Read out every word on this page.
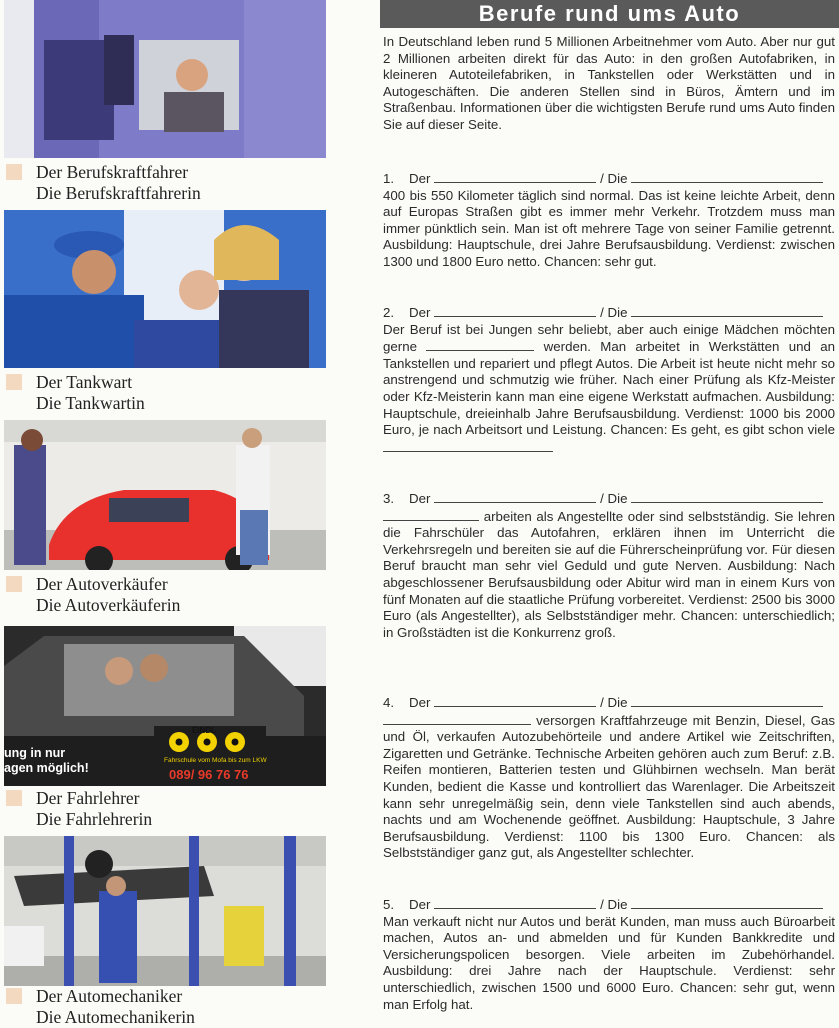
Der Berufskraftfahrer
Die Berufskraftfahrerin
Der Tankwart
Die Tankwartin
Der Autoverkäufer
Die Autoverkäuferin
ung in nur
agen möglich!
EINDL
Fahrschule vom Mofa bis zum LKW
089/ 96 76 76
Der Fahrlehrer
Die Fahrlehrerin
Der Automechaniker
Die Automechanikerin
Berufe rund ums Auto

In Deutschland leben rund 5 Millionen Arbeitnehmer vom Auto. Aber nur gut 2 Millionen arbeiten direkt für das Auto: in den großen Autofabriken, in kleineren Autoteilefabriken, in Tankstellen oder Werkstätten und in Autogeschäften. Die anderen Stellen sind in Büros, Ämtern und im Straßenbau. Informationen über die wichtigsten Berufe rund ums Auto finden Sie auf dieser Seite.

1. Der	/ Die

400 bis 550 Kilometer täglich sind normal. Das ist keine leichte Arbeit, denn auf Europas Straßen gibt es immer mehr Verkehr. Trotzdem muss man immer pünktlich sein. Man ist oft mehrere Tage von seiner Familie getrennt. Ausbildung: Hauptschule, drei Jahre Berufsausbildung. Verdienst: zwischen 1300 und 1800 Euro netto. Chancen: sehr gut.

2. Der	/ Die

Der Beruf ist bei Jungen sehr beliebt, aber auch einige Mädchen möchten gerne	werden. Man arbeitet in Werkstätten und an Tankstellen und repariert und pflegt Autos. Die Arbeit ist heute nicht mehr so anstrengend und schmutzig wie früher. Nach einer Prüfung als Kfz-Meister oder Kfz-Meisterin kann man eine eigene Werkstatt aufmachen. Ausbildung: Hauptschule, dreieinhalb Jahre Berufsausbildung. Verdienst: 1000 bis 2000 Euro, je nach Arbeitsort und Leistung. Chancen: Es geht, es gibt schon viele

3. Der	/ Die

arbeiten als Angestellte oder sind selbstständig. Sie lehren die Fahrschüler das Autofahren, erklären ihnen im Unterricht die Verkehrsregeln und bereiten sie auf die Führerscheinprüfung vor. Für diesen Beruf braucht man sehr viel Geduld und gute Nerven. Ausbildung: Nach abgeschlossener Berufsausbildung oder Abitur wird man in einem Kurs von fünf Monaten auf die staatliche Prüfung vorbereitet. Verdienst: 2500 bis 3000 Euro (als Angestellter), als Selbstständiger mehr. Chancen: unterschiedlich; in Großstädten ist die Konkurrenz groß.

4. Der	/ Die

versorgen Kraftfahrzeuge mit Benzin, Diesel, Gas und Öl, verkaufen Autozubehörteile und andere Artikel wie Zeitschriften, Zigaretten und Getränke. Technische Arbeiten gehören auch zum Beruf: z.B. Reifen montieren, Batterien testen und Glühbirnen wechseln. Man berät Kunden, bedient die Kasse und kontrolliert das Warenlager. Die Arbeitszeit kann sehr unregelmäßig sein, denn viele Tankstellen sind auch abends, nachts und am Wochenende geöffnet. Ausbildung: Hauptschule, 3 Jahre Berufsausbildung. Verdienst: 1100 bis 1300 Euro. Chancen: als Selbstständiger ganz gut, als Angestellter schlechter.

5. Der	/ Die

Man verkauft nicht nur Autos und berät Kunden, man muss auch Büroarbeit machen, Autos an- und abmelden und für Kunden Bankkredite und Versicherungspolicen besorgen. Viele arbeiten im Zubehörhandel. Ausbildung: drei Jahre nach der Hauptschule. Verdienst: sehr unterschiedlich, zwischen 1500 und 6000 Euro. Chancen: sehr gut, wenn man Erfolg hat.
